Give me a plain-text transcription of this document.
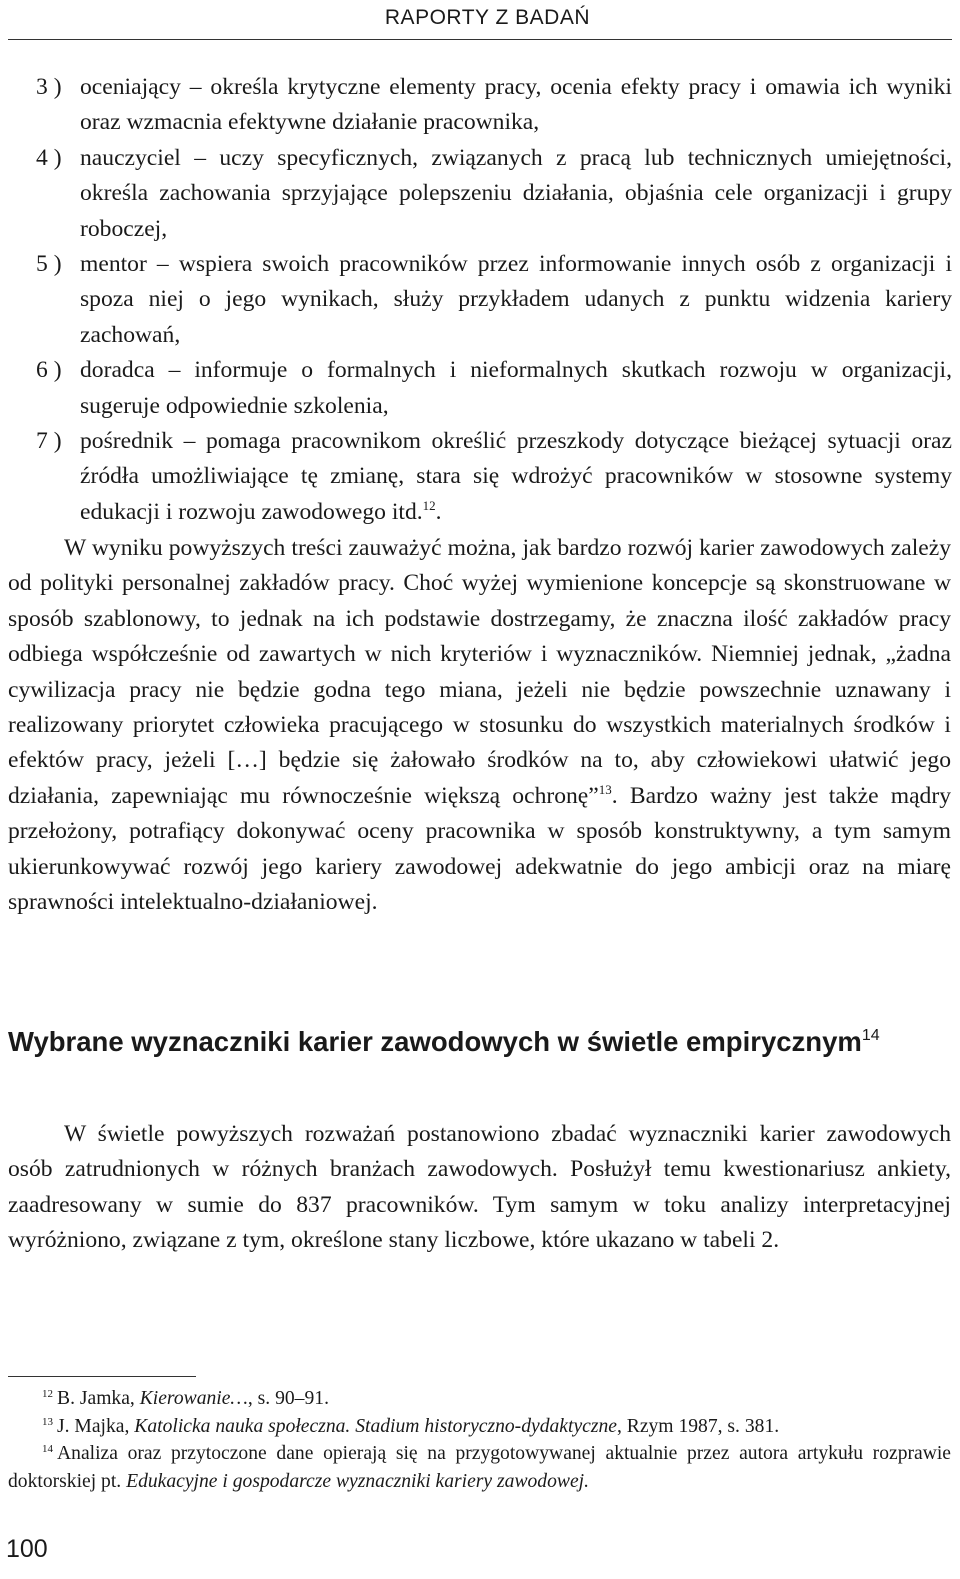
RAPORTY Z BADAŃ
3 ) oceniający – określa krytyczne elementy pracy, ocenia efekty pracy i omawia ich wyniki oraz wzmacnia efektywne działanie pracownika,
4 ) nauczyciel – uczy specyficznych, związanych z pracą lub technicznych umiejętności, określa zachowania sprzyjające polepszeniu działania, objaśnia cele organizacji i grupy roboczej,
5 ) mentor – wspiera swoich pracowników przez informowanie innych osób z organizacji i spoza niej o jego wynikach, służy przykładem udanych z punktu widzenia kariery zachowań,
6 ) doradca – informuje o formalnych i nieformalnych skutkach rozwoju w organizacji, sugeruje odpowiednie szkolenia,
7 ) pośrednik – pomaga pracownikom określić przeszkody dotyczące bieżącej sytuacji oraz źródła umożliwiające tę zmianę, stara się wdrożyć pracowników w stosowne systemy edukacji i rozwoju zawodowego itd.$^{12}$.

W wyniku powyższych treści zauważyć można, jak bardzo rozwój karier zawodowych zależy od polityki personalnej zakładów pracy. Choć wyżej wymienione koncepcje są skonstruowane w sposób szablonowy, to jednak na ich podstawie dostrzegamy, że znaczna ilość zakładów pracy odbiega współcześnie od zawartych w nich kryteriów i wyznaczników. Niemniej jednak, „żadna cywilizacja pracy nie będzie godna tego miana, jeżeli nie będzie powszechnie uznawany i realizowany priorytet człowieka pracującego w stosunku do wszystkich materialnych środków i efektów pracy, jeżeli […] będzie się żałowało środków na to, aby człowiekowi ułatwić jego działania, zapewniając mu równocześnie większą ochronę”$^{13}$. Bardzo ważny jest także mądry przełożony, potrafiący dokonywać oceny pracownika w sposób konstruktywny, a tym samym ukierunkowywać rozwój jego kariery zawodowej adekwatnie do jego ambicji oraz na miarę sprawności intelektualno-działaniowej.

Wybrane wyznaczniki karier zawodowych w świetle empirycznym$^{14}$

W świetle powyższych rozważań postanowiono zbadać wyznaczniki karier zawodowych osób zatrudnionych w różnych branżach zawodowych. Posłużył temu kwestionariusz ankiety, zaadresowany w sumie do 837 pracowników. Tym samym w toku analizy interpretacyjnej wyróżniono, związane z tym, określone stany liczbowe, które ukazano w tabeli 2.

$^{12}$ B. Jamka, Kierowanie…, s. 90–91.

$^{13}$ J. Majka, Katolicka nauka społeczna. Stadium historyczno-dydaktyczne, Rzym 1987, s. 381.

$^{14}$ Analiza oraz przytoczone dane opierają się na przygotowywanej aktualnie przez autora artykułu rozprawie doktorskiej pt. Edukacyjne i gospodarcze wyznaczniki kariery zawodowej.

100
